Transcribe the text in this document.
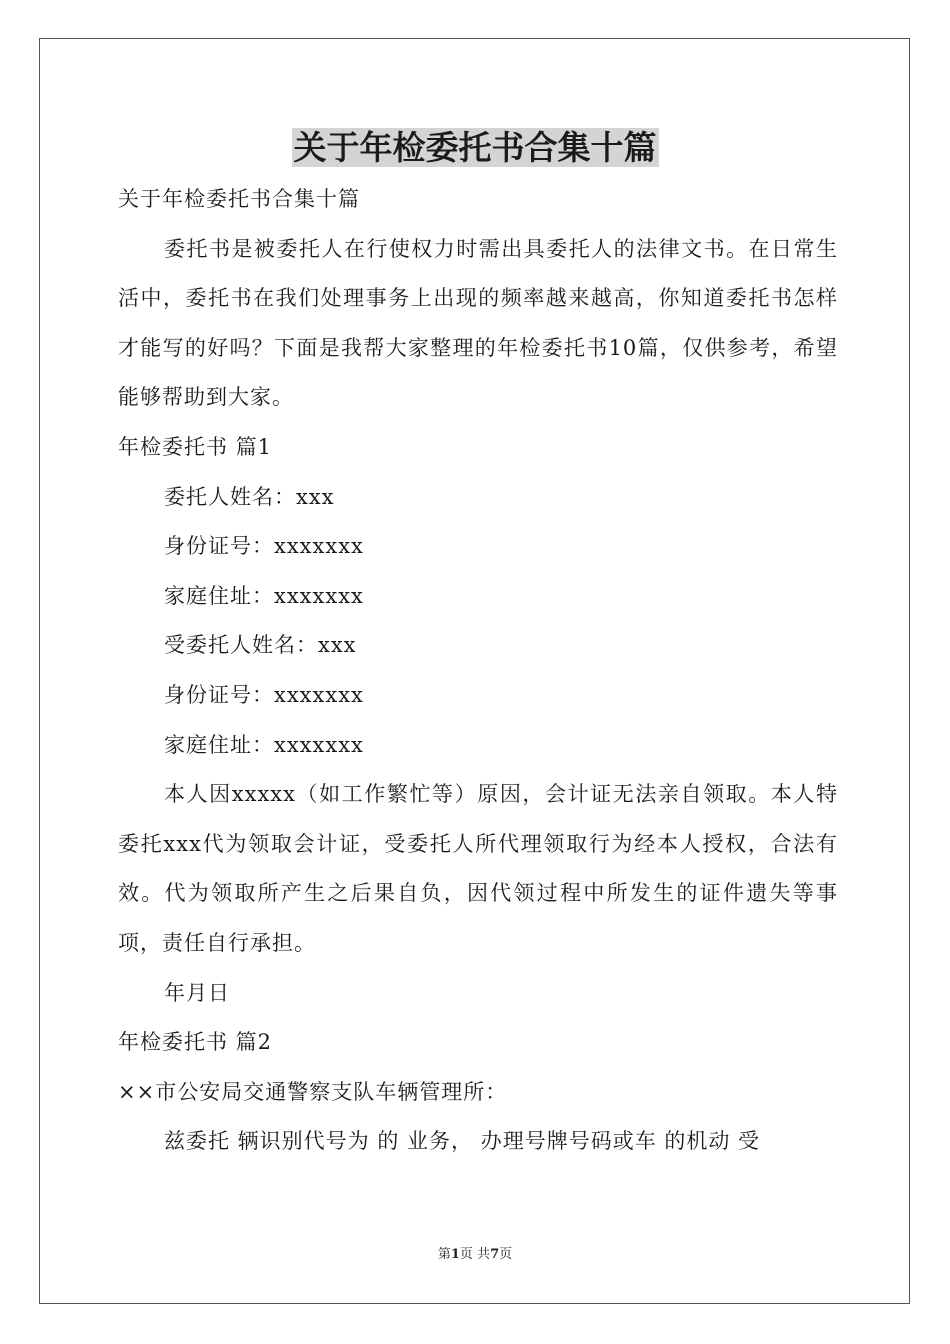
关于年检委托书合集十篇

关于年检委托书合集十篇

委托书是被委托人在行使权力时需出具委托人的法律文书。在日常生活中，委托书在我们处理事务上出现的频率越来越高，你知道委托书怎样才能写的好吗？下面是我帮大家整理的年检委托书10篇，仅供参考，希望能够帮助到大家。

年检委托书 篇1

委托人姓名：xxx

身份证号：xxxxxxx

家庭住址：xxxxxxx

受委托人姓名：xxx

身份证号：xxxxxxx

家庭住址：xxxxxxx

本人因xxxxx（如工作繁忙等）原因，会计证无法亲自领取。本人特委托xxx代为领取会计证，受委托人所代理领取行为经本人授权，合法有效。代为领取所产生之后果自负，因代领过程中所发生的证件遗失等事项，责任自行承担。

年月日

年检委托书 篇2

××市公安局交通警察支队车辆管理所：

兹委托 辆识别代号为 的 业务， 办理号牌号码或车 的机动 受

第1页 共7页
